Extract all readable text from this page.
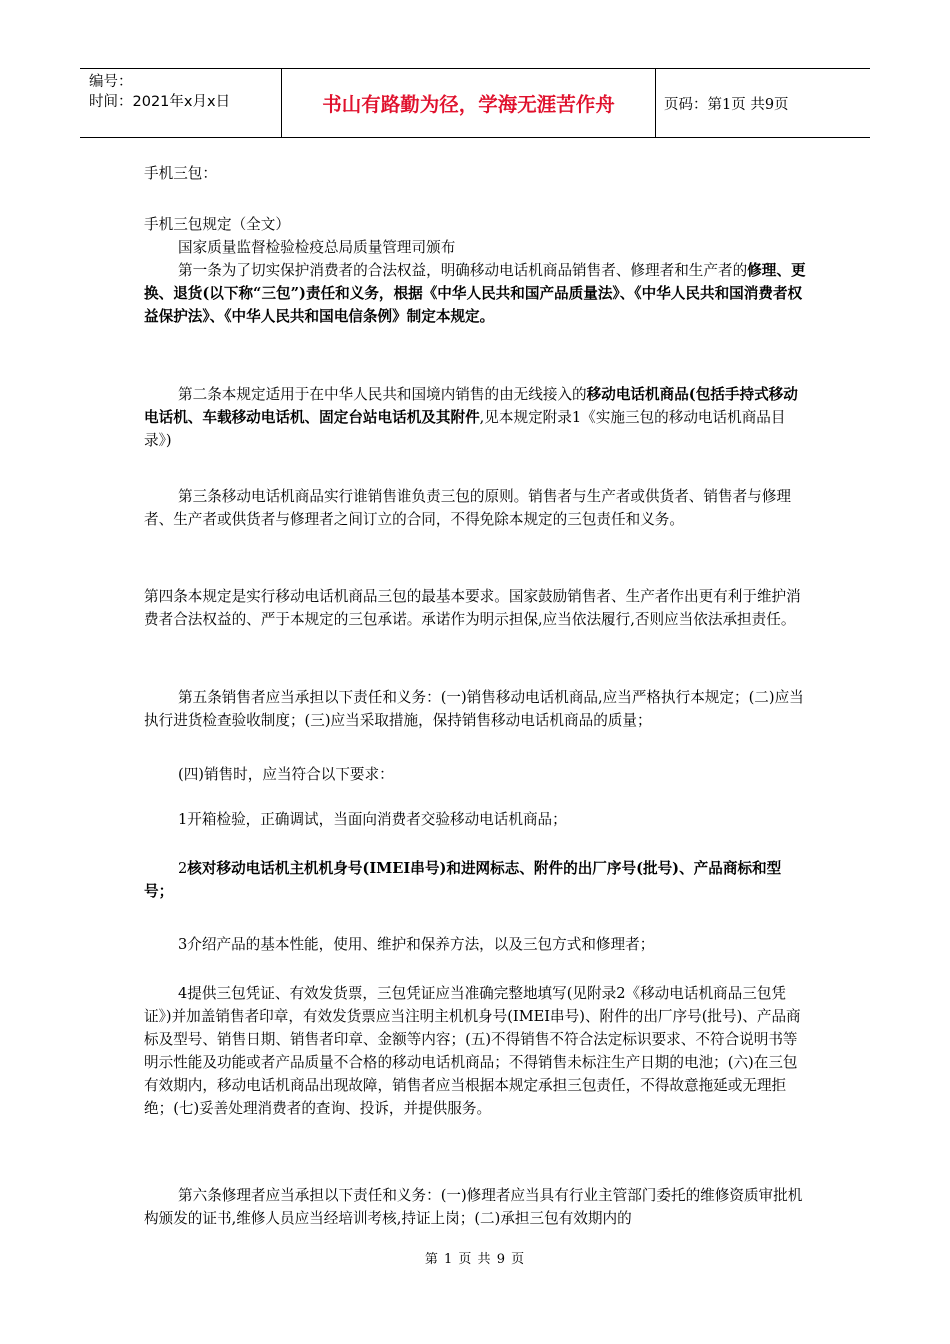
编号：
时间：2021年x月x日	书山有路勤为径，学海无涯苦作舟	页码：第1页 共9页
手机三包：
手机三包规定（全文）
国家质量监督检验检疫总局质量管理司颁布
第一条为了切实保护消费者的合法权益，明确移动电话机商品销售者、修理者和生产者的修理、更换、退货(以下称“三包”)责任和义务，根据《中华人民共和国产品质量法》、《中华人民共和国消费者权益保护法》、《中华人民共和国电信条例》制定本规定。
第二条本规定适用于在中华人民共和国境内销售的由无线接入的移动电话机商品(包括手持式移动电话机、车载移动电话机、固定台站电话机及其附件,见本规定附录1《实施三包的移动电话机商品目录》)
第三条移动电话机商品实行谁销售谁负责三包的原则。销售者与生产者或供货者、销售者与修理者、生产者或供货者与修理者之间订立的合同，不得免除本规定的三包责任和义务。
第四条本规定是实行移动电话机商品三包的最基本要求。国家鼓励销售者、生产者作出更有利于维护消费者合法权益的、严于本规定的三包承诺。承诺作为明示担保,应当依法履行,否则应当依法承担责任。
第五条销售者应当承担以下责任和义务：(一)销售移动电话机商品,应当严格执行本规定；(二)应当执行进货检查验收制度；(三)应当采取措施，保持销售移动电话机商品的质量；
(四)销售时，应当符合以下要求：
1开箱检验，正确调试，当面向消费者交验移动电话机商品；
2核对移动电话机主机机身号(IMEI串号)和进网标志、附件的出厂序号(批号)、产品商标和型号；
3介绍产品的基本性能，使用、维护和保养方法，以及三包方式和修理者；
4提供三包凭证、有效发货票，三包凭证应当准确完整地填写(见附录2《移动电话机商品三包凭证》)并加盖销售者印章，有效发货票应当注明主机机身号(IMEI串号)、附件的出厂序号(批号)、产品商标及型号、销售日期、销售者印章、金额等内容；(五)不得销售不符合法定标识要求、不符合说明书等明示性能及功能或者产品质量不合格的移动电话机商品；不得销售未标注生产日期的电池；(六)在三包有效期内，移动电话机商品出现故障，销售者应当根据本规定承担三包责任，不得故意拖延或无理拒绝；(七)妥善处理消费者的查询、投诉，并提供服务。
第六条修理者应当承担以下责任和义务：(一)修理者应当具有行业主管部门委托的维修资质审批机构颁发的证书,维修人员应当经培训考核,持证上岗；(二)承担三包有效期内的
第 1 页 共 9 页
